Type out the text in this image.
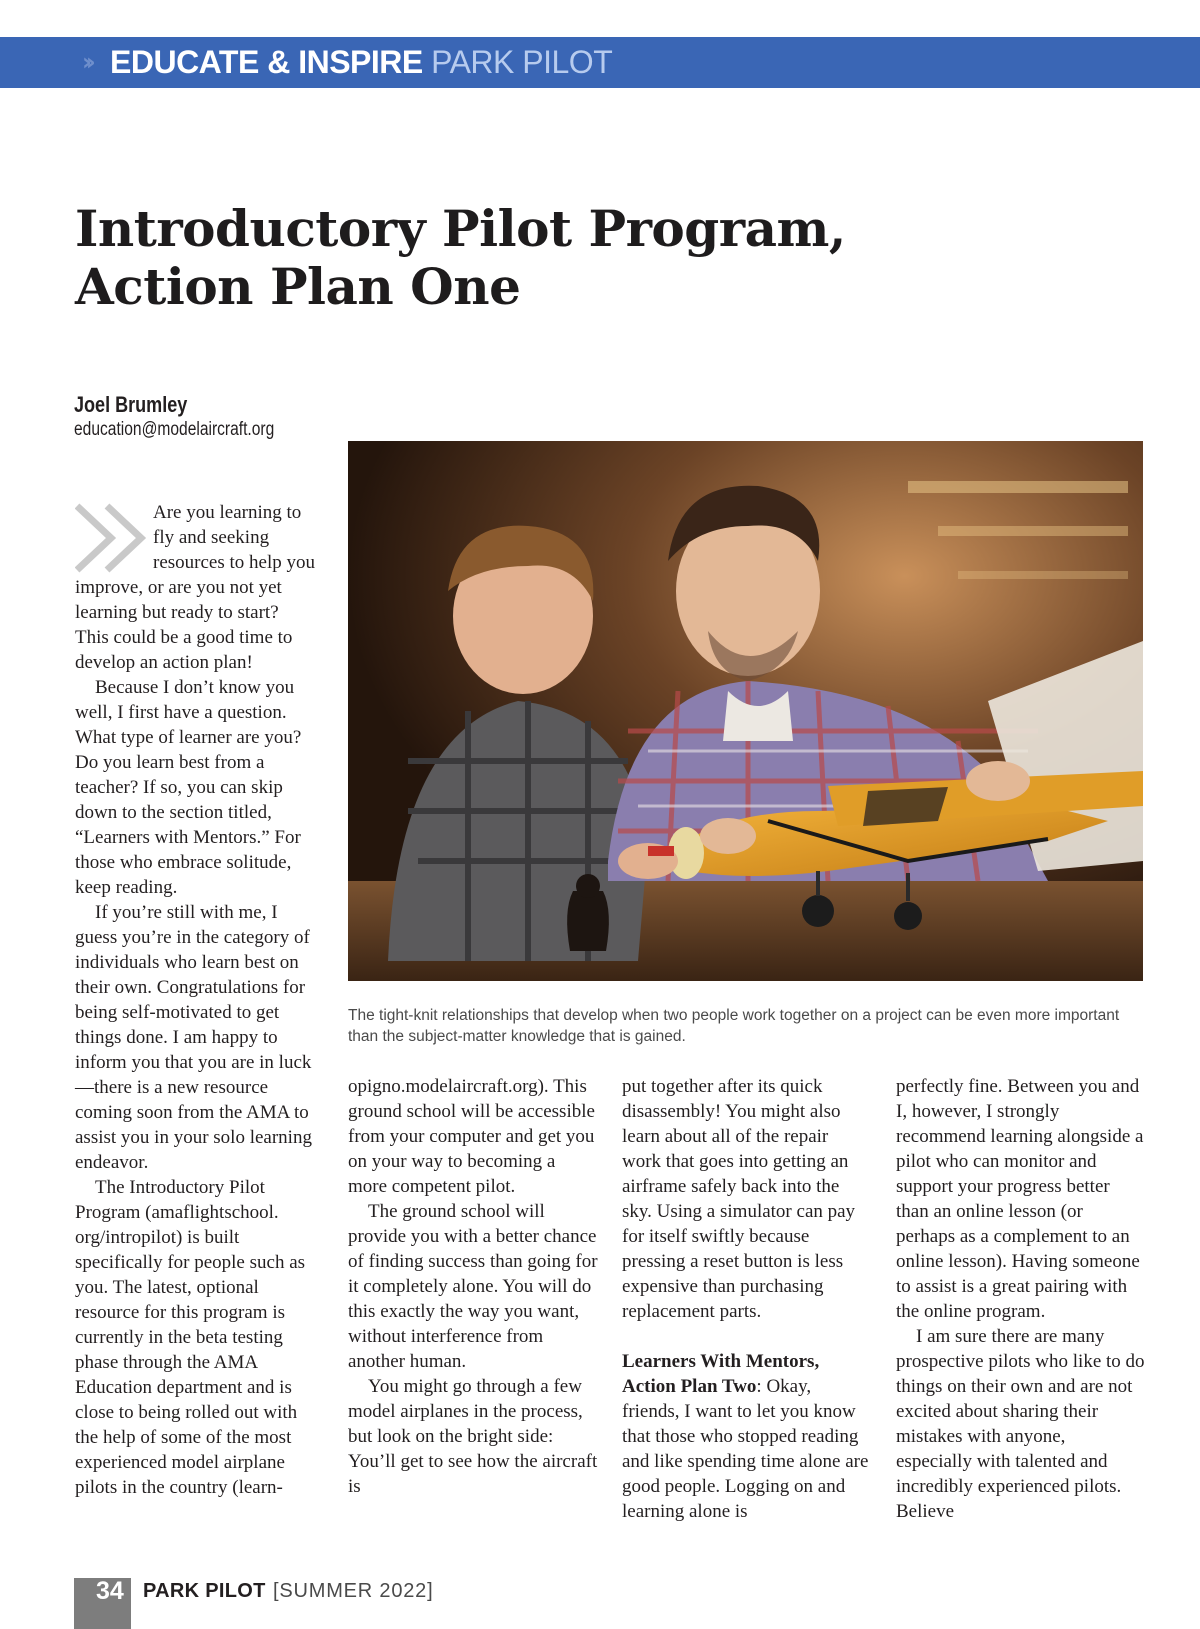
›› EDUCATE & INSPIRE PARK PILOT
Introductory Pilot Program,
Action Plan One
Joel Brumley
education@modelaircraft.org

The tight-knit relationships that develop when two people work together on a project can be even more important than the subject-matter knowledge that is gained.

Are you learning to fly and seeking resources to help you improve, or are you not yet learning but ready to start? This could be a good time to develop an action plan!

Because I don’t know you well, I first have a question. What type of learner are you? Do you learn best from a teacher? If so, you can skip down to the section titled, “Learners with Mentors.” For those who embrace solitude, keep reading.

If you’re still with me, I guess you’re in the category of individuals who learn best on their own. Congratulations for being self-motivated to get things done. I am happy to inform you that you are in luck—there is a new resource coming soon from the AMA to assist you in your solo learning endeavor.

The Introductory Pilot Program (amaflightschool. org/intropilot) is built specifically for people such as you. The latest, optional resource for this program is currently in the beta testing phase through the AMA Education department and is close to being rolled out with the help of some of the most experienced model airplane pilots in the country (learn-

opigno.modelaircraft.org). This ground school will be accessible from your computer and get you on your way to becoming a more competent pilot.

The ground school will provide you with a better chance of finding success than going for it completely alone. You will do this exactly the way you want, without interference from another human.

You might go through a few model airplanes in the process, but look on the bright side: You’ll get to see how the aircraft is

put together after its quick disassembly! You might also learn about all of the repair work that goes into getting an airframe safely back into the sky. Using a simulator can pay for itself swiftly because pressing a reset button is less expensive than purchasing replacement parts.

Learners With Mentors, Action Plan Two: Okay, friends, I want to let you know that those who stopped reading and like spending time alone are good people. Logging on and learning alone is

perfectly fine. Between you and I, however, I strongly recommend learning alongside a pilot who can monitor and support your progress better than an online lesson (or perhaps as a complement to an online lesson). Having someone to assist is a great pairing with the online program.

I am sure there are many prospective pilots who like to do things on their own and are not excited about sharing their mistakes with anyone, especially with talented and incredibly experienced pilots. Believe

34 PARK PILOT [SUMMER 2022]
